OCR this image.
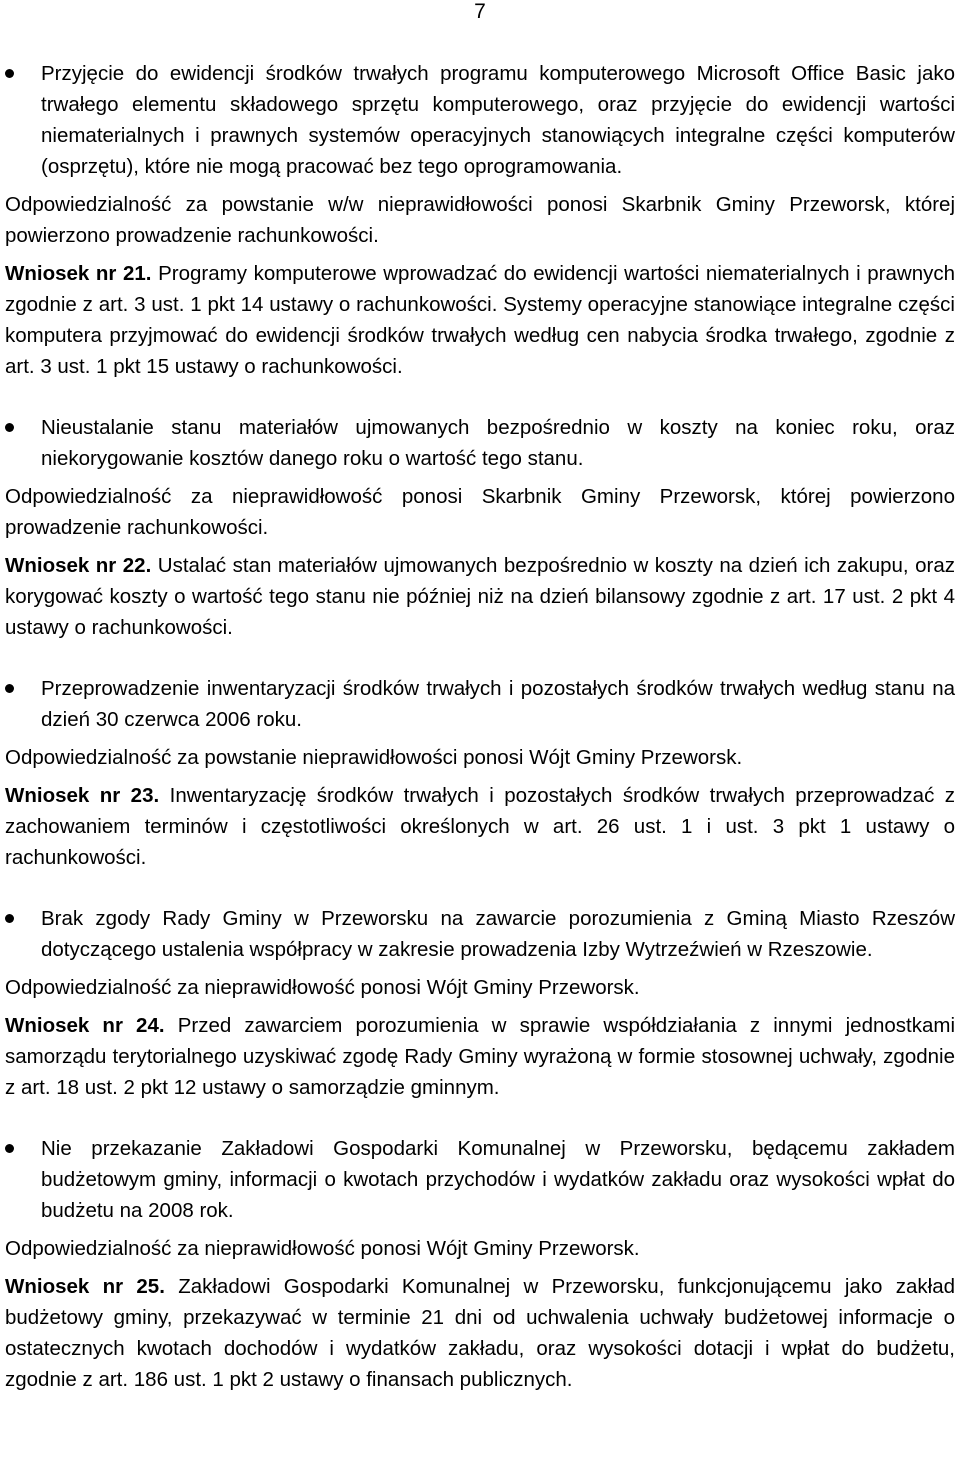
7

Przyjęcie do ewidencji środków trwałych programu komputerowego Microsoft Office Basic jako trwałego elementu składowego sprzętu komputerowego, oraz przyjęcie do ewidencji wartości niematerialnych i prawnych systemów operacyjnych stanowiących integralne części komputerów (osprzętu), które nie mogą pracować bez tego oprogramowania.

Odpowiedzialność za powstanie w/w nieprawidłowości ponosi Skarbnik Gminy Przeworsk, której powierzono prowadzenie rachunkowości.

Wniosek nr 21. Programy komputerowe wprowadzać do ewidencji wartości niematerialnych i prawnych zgodnie z art. 3 ust. 1 pkt 14 ustawy o rachunkowości. Systemy operacyjne stanowiące integralne części komputera przyjmować do ewidencji środków trwałych według cen nabycia środka trwałego, zgodnie z art. 3 ust. 1 pkt 15 ustawy o rachunkowości.

Nieustalanie stanu materiałów ujmowanych bezpośrednio w koszty na koniec roku, oraz niekorygowanie kosztów danego roku o wartość tego stanu.

Odpowiedzialność za nieprawidłowość ponosi Skarbnik Gminy Przeworsk, której powierzono prowadzenie rachunkowości.

Wniosek nr 22. Ustalać stan materiałów ujmowanych bezpośrednio w koszty na dzień ich zakupu, oraz korygować koszty o wartość tego stanu nie później niż na dzień bilansowy zgodnie z art. 17 ust. 2 pkt 4 ustawy o rachunkowości.

Przeprowadzenie inwentaryzacji środków trwałych i pozostałych środków trwałych według stanu na dzień 30 czerwca 2006 roku.

Odpowiedzialność za powstanie nieprawidłowości ponosi Wójt Gminy Przeworsk.

Wniosek nr 23. Inwentaryzację środków trwałych i pozostałych środków trwałych przeprowadzać z zachowaniem terminów i częstotliwości określonych w art. 26 ust. 1 i ust. 3 pkt 1 ustawy o rachunkowości.

Brak zgody Rady Gminy w Przeworsku na zawarcie porozumienia z Gminą Miasto Rzeszów dotyczącego ustalenia współpracy w zakresie prowadzenia Izby Wytrzeźwień w Rzeszowie.

Odpowiedzialność za nieprawidłowość ponosi Wójt Gminy Przeworsk.

Wniosek nr 24. Przed zawarciem porozumienia w sprawie współdziałania z innymi jednostkami samorządu terytorialnego uzyskiwać zgodę Rady Gminy wyrażoną w formie stosownej uchwały, zgodnie z art. 18 ust. 2 pkt 12 ustawy o samorządzie gminnym.

Nie przekazanie Zakładowi Gospodarki Komunalnej w Przeworsku, będącemu zakładem budżetowym gminy, informacji o kwotach przychodów i wydatków zakładu oraz wysokości wpłat do budżetu na 2008 rok.

Odpowiedzialność za nieprawidłowość ponosi Wójt Gminy Przeworsk.

Wniosek nr 25. Zakładowi Gospodarki Komunalnej w Przeworsku, funkcjonującemu jako zakład budżetowy gminy, przekazywać w terminie 21 dni od uchwalenia uchwały budżetowej informacje o ostatecznych kwotach dochodów i wydatków zakładu, oraz wysokości dotacji i wpłat do budżetu, zgodnie z art. 186 ust. 1 pkt 2 ustawy o finansach publicznych.
